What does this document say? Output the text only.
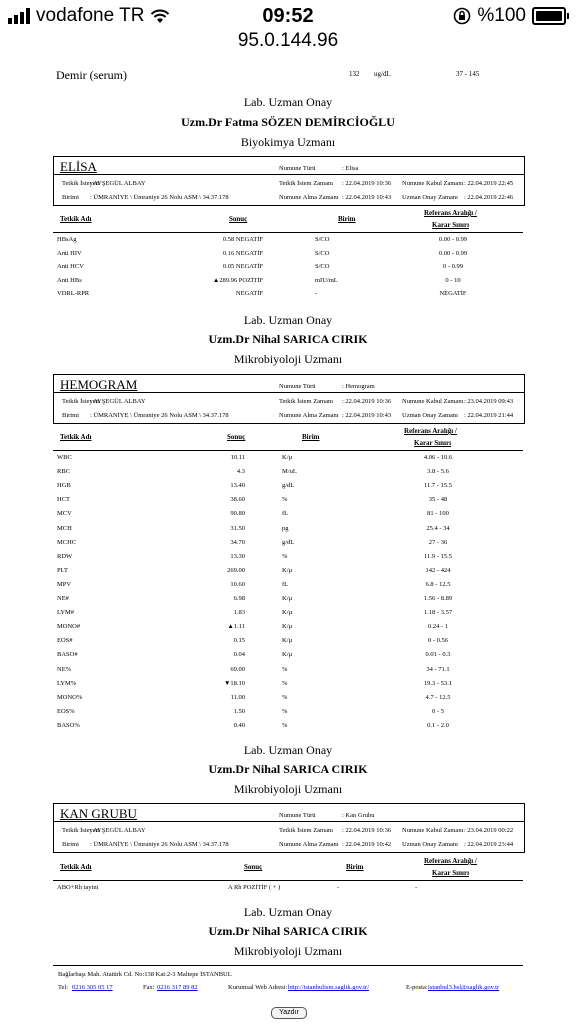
vodafone TR	09:52
95.0.144.96
%100
Demir (serum)	132 ug/dL	37 - 145
Lab. Uzman Onay
Uzm.Dr Fatma SÖZEN DEMİRCİOĞLU
Biyokimya Uzmanı
ELİSA
Tetkik İsteyen
: AYŞEGÜL ALBAY
Birimi : ÜMRANİYE \ Ümraniye 26 Nolu ASM \ 34.37.178
Numune Türü	: Elisa
Tetkik İstem Zamanı : 22.04.2019 10:36
Numune Alma Zamanı : 22.04.2019 10:43
Numune Kabul Zamanı : 22.04.2019 22:45
Uzman Onay Zamanı : 22.04.2019 22:46
Tetkik Adı	Sonuç	Birim
Referans Aralığı /
Karar Sınırı
HBsAg	0.58 NEGATİF	S/CO	0.00 - 0.99
Anti HIV	0.16 NEGATİF	S/CO	0.00 - 0.99
Anti HCV	0.05 NEGATİF	S/CO	0 - 0.99
Anti HBs	▲289.96 POZİTİF	mIU/mL	0 - 10
VDRL-RPR	NEGATİF	-	NEGATİF
Lab. Uzman Onay
Uzm.Dr Nihal SARICA CIRIK
Mikrobiyoloji Uzmanı
HEMOGRAM
Tetkik İsteyen
: AYŞEGÜL ALBAY
Birimi : ÜMRANİYE \ Ümraniye 26 Nolu ASM \ 34.37.178
Numune Türü	: Hemogram
Tetkik İstem Zamanı : 22.04.2019 10:36
Numune Alma Zamanı : 22.04.2019 10:43
Numune Kabul Zamanı : 23.04.2019 09:43
Uzman Onay Zamanı : 22.04.2019 21:44
Tetkik Adı	Sonuç	Birim
Referans Aralığı /
Karar Sınırı
WBC	10.11	K/µ	4.06 - 10.6
RBC	4.3	M/uL	3.8 - 5.6
HGB	13.40	g/dL	11.7 - 15.5
HCT	38.60	%	35 - 48
MCV	90.80	fL	81 - 100
MCH	31.50	pg	25.4 - 34
MCHC	34.70	g/dL	27 - 36
RDW	13.30	%	11.9 - 15.5
PLT	269.00	K/µ	142 - 424
MPV	10.60	fL	6.8 - 12.5
NE#	6.98	K/µ	1.56 - 8.89
LYM#	1.83	K/µ	1.18 - 3.57
MONO#	▲1.11	K/µ	0.24 - 1
EOS#	0.15	K/µ	0 - 0.56
BASO#	0.04	K/µ	0.01 - 0.3
NE%	69.00	%	34 - 71.1
LYM%	▼18.10	%	19.3 - 53.1
MONO%	11.00	%	4.7 - 12.5
EOS%	1.50	%	0 - 5
BASO%	0.40	%	0.1 - 2.0
Lab. Uzman Onay
Uzm.Dr Nihal SARICA CIRIK
Mikrobiyoloji Uzmanı
KAN GRUBU
Tetkik İsteyen
: AYŞEGÜL ALBAY
Birimi : ÜMRANİYE \ Ümraniye 26 Nolu ASM \ 34.37.178
Numune Türü	: Kan Grubu
Tetkik İstem Zamanı : 22.04.2019 10:36
Numune Alma Zamanı : 22.04.2019 10:42
Numune Kabul Zamanı : 23.04.2019 00:22
Uzman Onay Zamanı : 22.04.2019 23:44
Tetkik Adı	Sonuç	Birim
Referans Aralığı /
Karar Sınırı
ABO+Rh tayini	A Rh POZİTİF ( + )	-	-
Lab. Uzman Onay
Uzm.Dr Nihal SARICA CIRIK
Mikrobiyoloji Uzmanı
Bağlarbaşı Mah. Atatürk Cd. No:138 Kat:2-3 Maltepe İSTANBUL
Tel: 0216 305 05 17	Fax: 0216 317 89 82	Kurumsal Web Adresi: http://istanbulism.saglik.gov.tr/	E-posta: istanbul3.hsl@saglik.gov.tr
Yazdır
